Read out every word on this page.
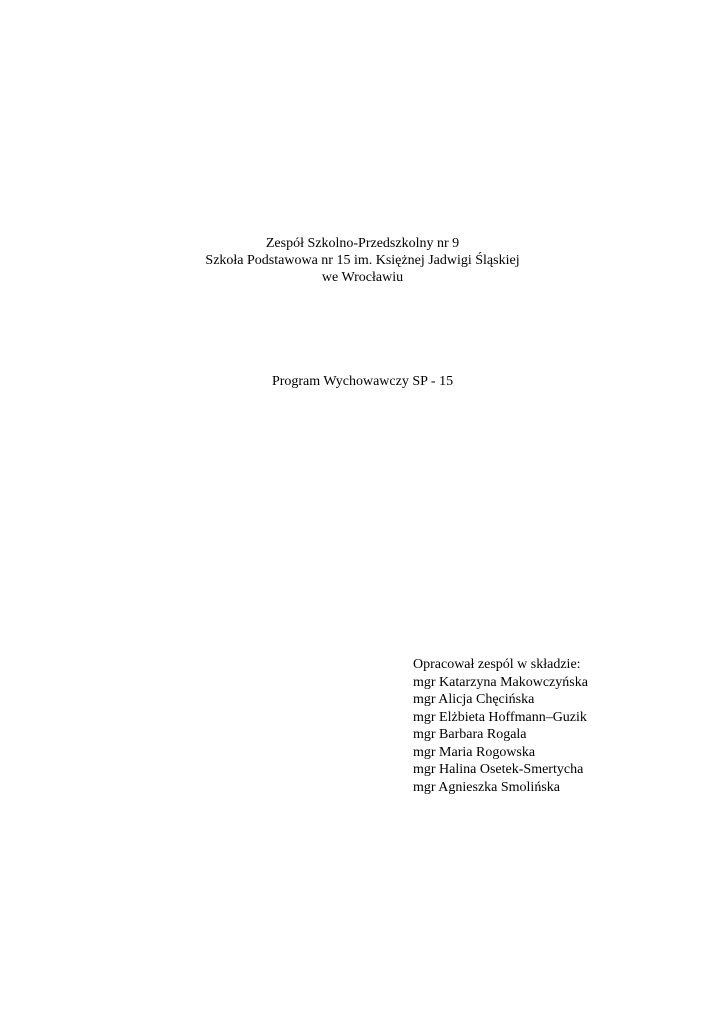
Zespół Szkolno-Przedszkolny nr 9
Szkoła Podstawowa nr 15 im. Księżnej Jadwigi Śląskiej
we Wrocławiu
Program Wychowawczy SP - 15
Opracował zespól w składzie:
mgr Katarzyna Makowczyńska
mgr Alicja Chęcińska
mgr Elżbieta Hoffmann–Guzik
mgr Barbara Rogala
mgr Maria Rogowska
mgr Halina Osetek-Smertycha
mgr Agnieszka Smolińska
